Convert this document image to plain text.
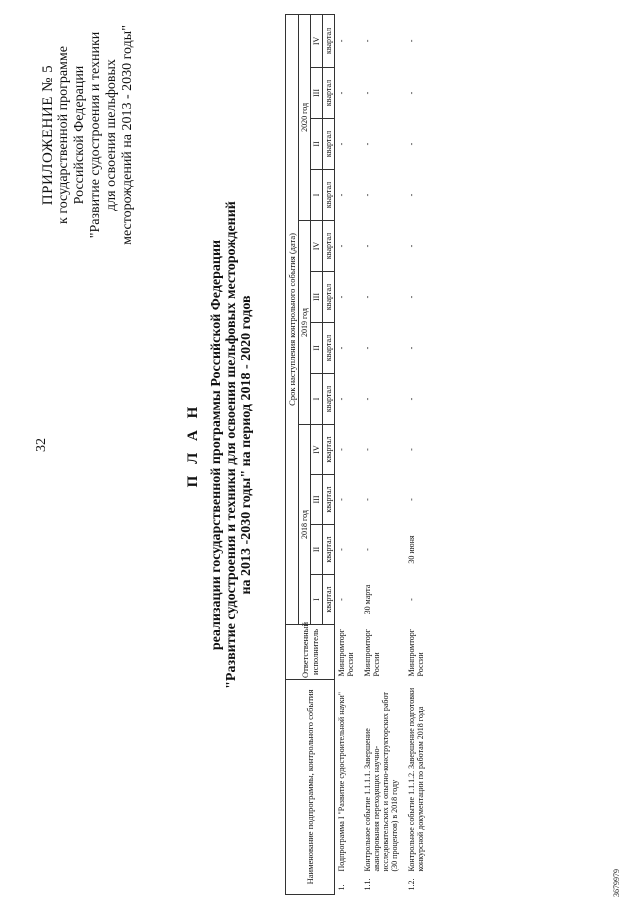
32
ПРИЛОЖЕНИЕ № 5 к государственной программе Российской Федерации "Развитие судостроения и техники для освоения шельфовых месторождений на 2013 - 2030 годы"
П Л А Н реализации государственной программы Российской Федерации "Развитие судостроения и техники для освоения шельфовых месторождений на 2013 -2030 годы" на период 2018 - 2020 годов
Наименование подпрограммы, контрольного события		Ответственный исполнитель	Срок наступления контрольного события (дата)											
			2018 год				2019 год				2020 год			
			I	II	III	IV	I	II	III	IV	I	II	III	IV
			квартал	квартал	квартал	квартал	квартал	квартал	квартал	квартал	квартал	квартал	квартал	квартал
1.	Подпрограмма I "Развитие судостроительной науки"	Минпромторг России	-	-	-	-	-	-	-	-	-	-	-	-
1.1.	Контрольное событие 1.1.1.1. Завершение авансирования переходящих научно-исследовательских и опытно-конструкторских работ (30 процентов) в 2018 году	Минпромторг России	30 марта	-	-	-	-	-	-	-	-	-	-	-
1.2.	Контрольное событие 1.1.1.2. Завершение подготовки конкурсной документации по работам 2018 года	Минпромторг России	-	30 июня	-	-	-	-	-	-	-	-	-	-
3679979
